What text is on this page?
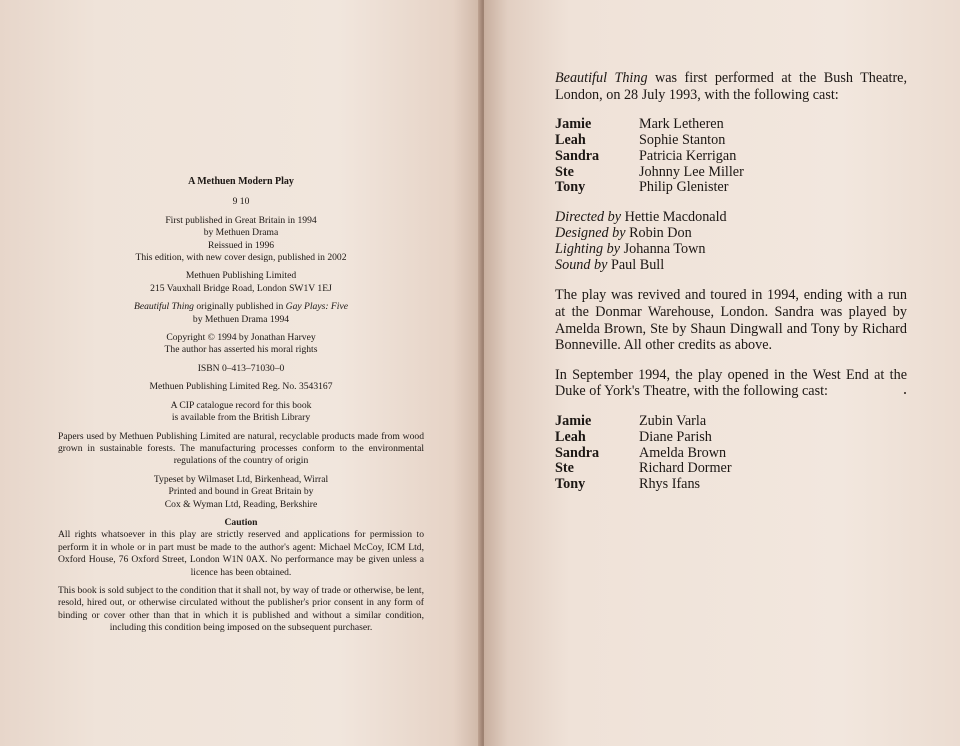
A Methuen Modern Play

9 10

First published in Great Britain in 1994
by Methuen Drama
Reissued in 1996
This edition, with new cover design, published in 2002

Methuen Publishing Limited
215 Vauxhall Bridge Road, London SW1V 1EJ

Beautiful Thing originally published in Gay Plays: Five
by Methuen Drama 1994

Copyright © 1994 by Jonathan Harvey
The author has asserted his moral rights

ISBN 0–413–71030–0

Methuen Publishing Limited Reg. No. 3543167

A CIP catalogue record for this book
is available from the British Library

Papers used by Methuen Publishing Limited are natural, recyclable products made from wood grown in sustainable forests. The manufacturing processes conform to the environmental regulations of the country of origin

Typeset by Wilmaset Ltd, Birkenhead, Wirral
Printed and bound in Great Britain by
Cox & Wyman Ltd, Reading, Berkshire

Caution

All rights whatsoever in this play are strictly reserved and applications for permission to perform it in whole or in part must be made to the author's agent: Michael McCoy, ICM Ltd, Oxford House, 76 Oxford Street, London W1N 0AX. No performance may be given unless a licence has been obtained.

This book is sold subject to the condition that it shall not, by way of trade or otherwise, be lent, resold, hired out, or otherwise circulated without the publisher's prior consent in any form of binding or cover other than that in which it is published and without a similar condition, including this condition being imposed on the subsequent purchaser.

Beautiful Thing was first performed at the Bush Theatre, London, on 28 July 1993, with the following cast:

Jamie	Mark Letheren
Leah	Sophie Stanton
Sandra	Patricia Kerrigan
Ste	Johnny Lee Miller
Tony	Philip Glenister
Directed by Hettie Macdonald
Designed by Robin Don
Lighting by Johanna Town
Sound by Paul Bull

The play was revived and toured in 1994, ending with a run at the Donmar Warehouse, London. Sandra was played by Amelda Brown, Ste by Shaun Dingwall and Tony by Richard Bonneville. All other credits as above.

In September 1994, the play opened in the West End at the Duke of York's Theatre, with the following cast:

Jamie	Zubin Varla
Leah	Diane Parish
Sandra	Amelda Brown
Ste	Richard Dormer
Tony	Rhys Ifans
